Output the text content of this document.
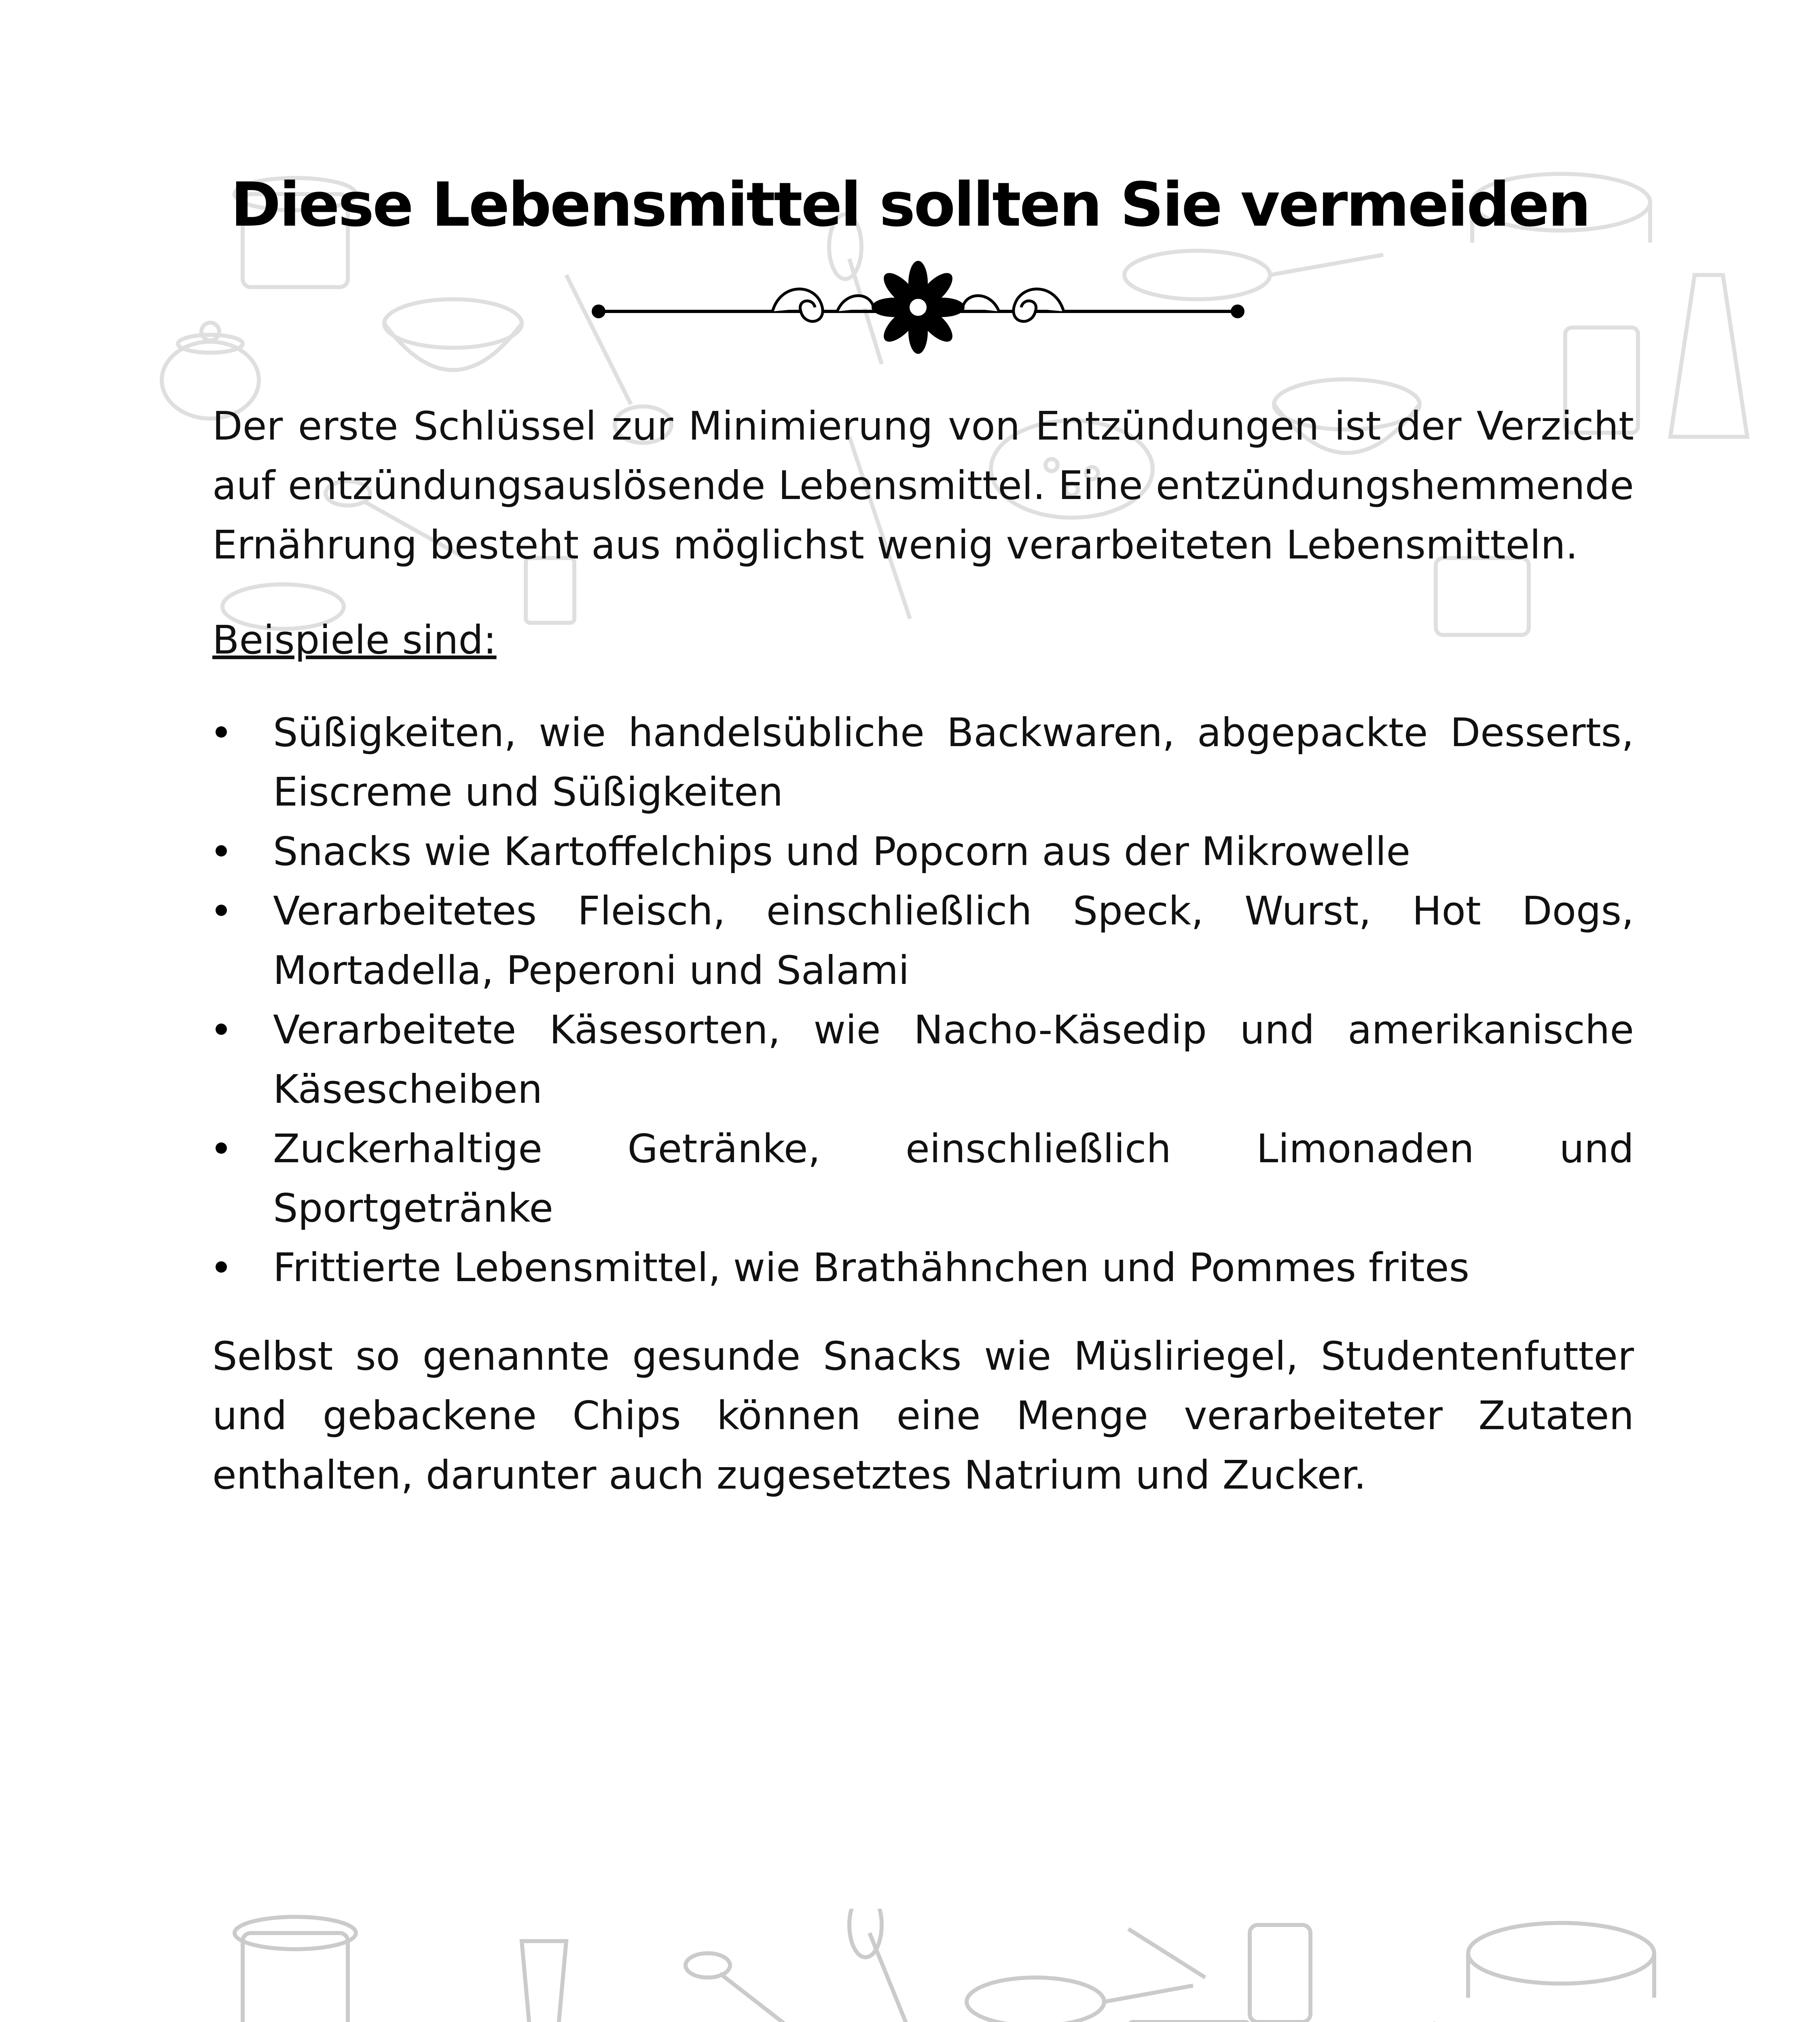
Diese Lebensmittel sollten Sie vermeiden

Der erste Schlüssel zur Minimierung von Entzündungen ist der Verzicht auf entzündungsauslösende Lebensmittel. Eine entzündungshemmende Ernährung besteht aus möglichst wenig verarbeiteten Lebensmitteln.

Beispiele sind:

Süßigkeiten, wie handelsübliche Backwaren, abgepackte Desserts, Eiscreme und Süßigkeiten
Snacks wie Kartoffelchips und Popcorn aus der Mikrowelle
Verarbeitetes Fleisch, einschließlich Speck, Wurst, Hot Dogs, Mortadella, Peperoni und Salami
Verarbeitete Käsesorten, wie Nacho-Käsedip und amerikanische Käsescheiben
Zuckerhaltige Getränke, einschließlich Limonaden und Sportgetränke
Frittierte Lebensmittel, wie Brathähnchen und Pommes frites

Selbst so genannte gesunde Snacks wie Müsliriegel, Studentenfutter und gebackene Chips können eine Menge verarbeiteter Zutaten enthalten, darunter auch zugesetztes Natrium und Zucker.
